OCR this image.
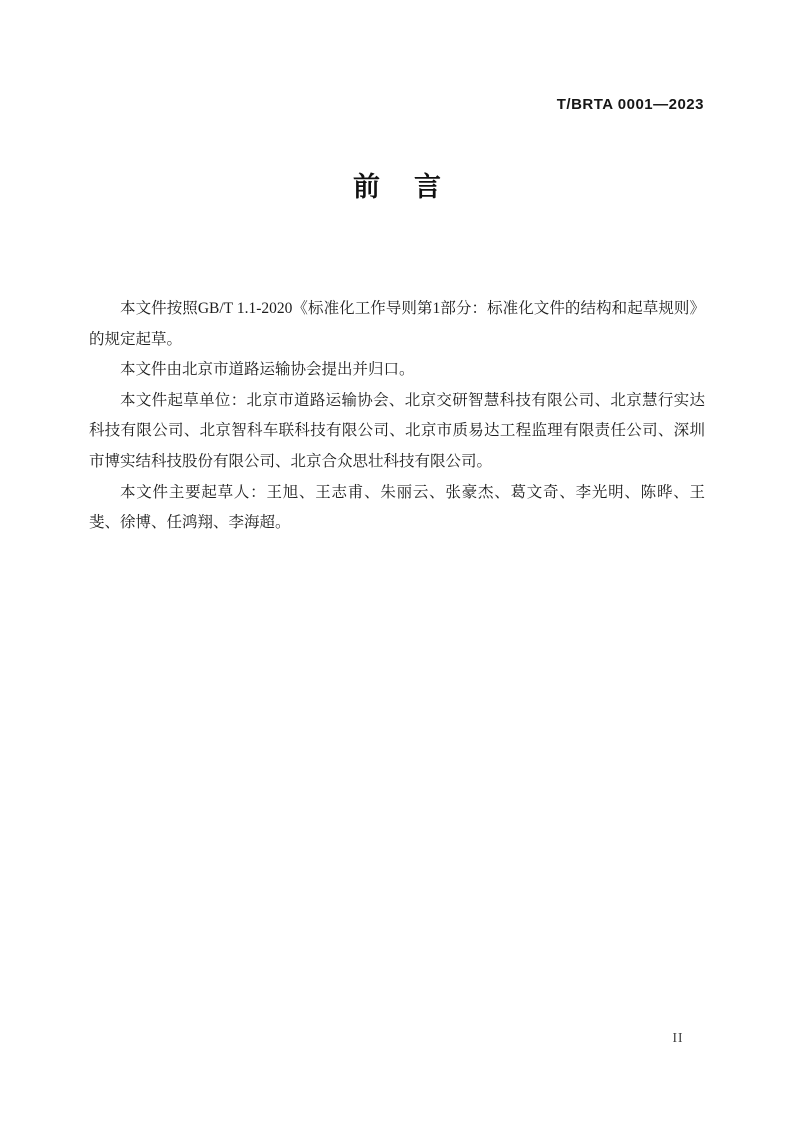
T/BRTA 0001—2023
前 言

本文件按照GB/T 1.1-2020《标准化工作导则第1部分：标准化文件的结构和起草规则》的规定起草。

本文件由北京市道路运输协会提出并归口。

本文件起草单位：北京市道路运输协会、北京交研智慧科技有限公司、北京慧行实达科技有限公司、北京智科车联科技有限公司、北京市质易达工程监理有限责任公司、深圳市博实结科技股份有限公司、北京合众思壮科技有限公司。

本文件主要起草人：王旭、王志甫、朱丽云、张豪杰、葛文奇、李光明、陈晔、王斐、徐博、任鸿翔、李海超。

II
